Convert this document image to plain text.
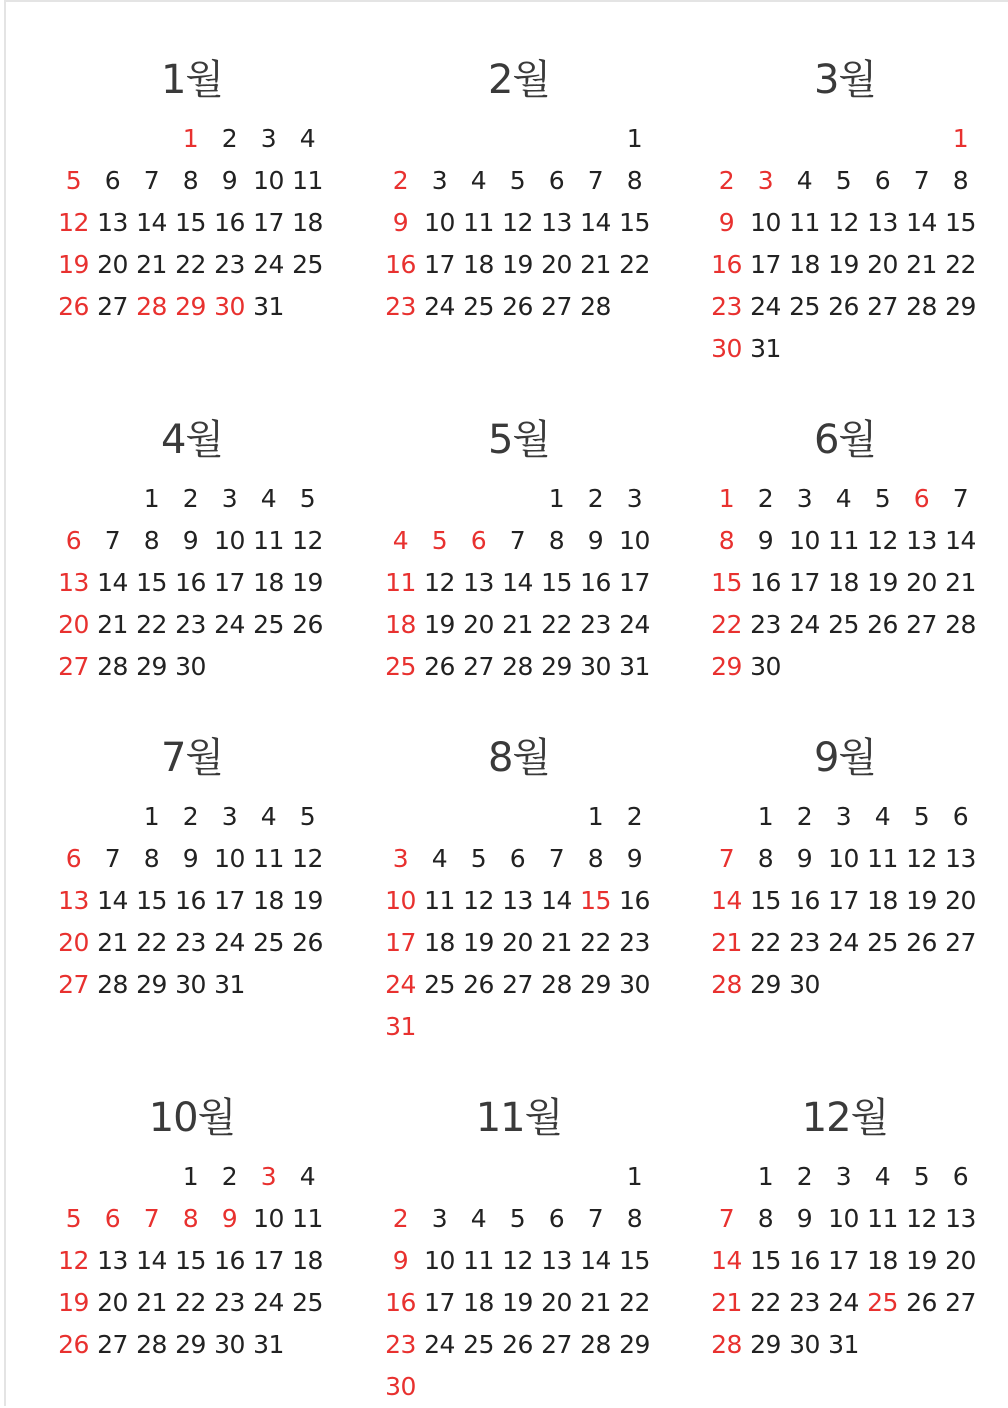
1월
1 2 3 4
5 6 7 8 9 10 11
12 13 14 15 16 17 18
19 20 21 22 23 24 25
26 27 28 29 30 31
2월
1
2 3 4 5 6 7 8
9 10 11 12 13 14 15
16 17 18 19 20 21 22
23 24 25 26 27 28
3월
1
2 3 4 5 6 7 8
9 10 11 12 13 14 15
16 17 18 19 20 21 22
23 24 25 26 27 28 29
30 31
4월
1 2 3 4 5
6 7 8 9 10 11 12
13 14 15 16 17 18 19
20 21 22 23 24 25 26
27 28 29 30
5월
1 2 3
4 5 6 7 8 9 10
11 12 13 14 15 16 17
18 19 20 21 22 23 24
25 26 27 28 29 30 31
6월
1 2 3 4 5 6 7
8 9 10 11 12 13 14
15 16 17 18 19 20 21
22 23 24 25 26 27 28
29 30
7월
1 2 3 4 5
6 7 8 9 10 11 12
13 14 15 16 17 18 19
20 21 22 23 24 25 26
27 28 29 30 31
8월
1 2
3 4 5 6 7 8 9
10 11 12 13 14 15 16
17 18 19 20 21 22 23
24 25 26 27 28 29 30
31
9월
1 2 3 4 5 6
7 8 9 10 11 12 13
14 15 16 17 18 19 20
21 22 23 24 25 26 27
28 29 30
10월
1 2 3 4
5 6 7 8 9 10 11
12 13 14 15 16 17 18
19 20 21 22 23 24 25
26 27 28 29 30 31
11월
1
2 3 4 5 6 7 8
9 10 11 12 13 14 15
16 17 18 19 20 21 22
23 24 25 26 27 28 29
30
12월
1 2 3 4 5 6
7 8 9 10 11 12 13
14 15 16 17 18 19 20
21 22 23 24 25 26 27
28 29 30 31
